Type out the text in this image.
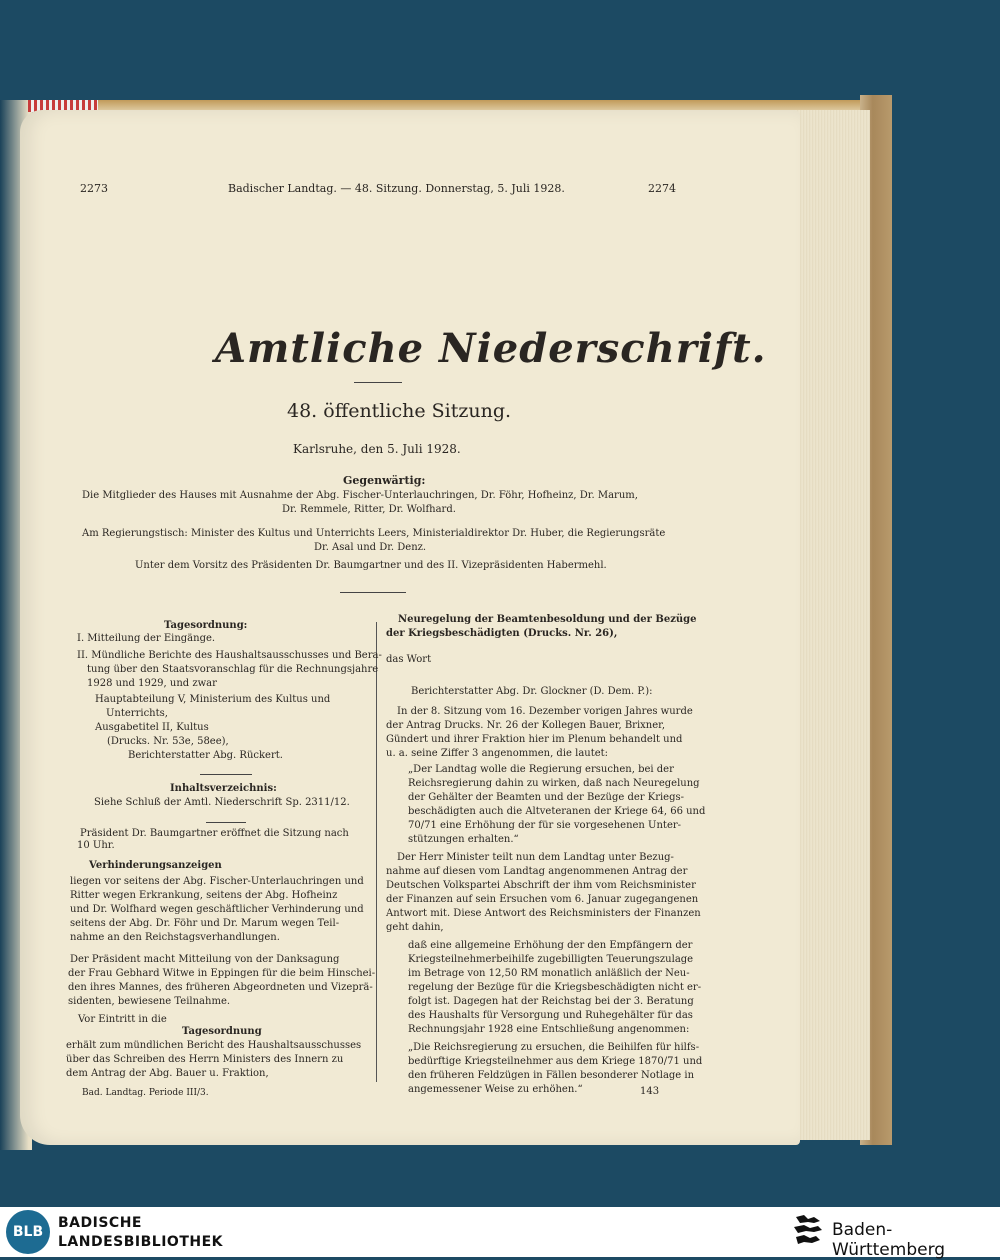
2273	Badischer Landtag. — 48. Sitzung. Donnerstag, 5. Juli 1928.	2274
Amtliche Niederschrift.
48. öffentliche Sitzung.
Karlsruhe, den 5. Juli 1928.
Gegenwärtig:
Die Mitglieder des Hauses mit Ausnahme der Abg. Fischer-Unterlauchringen, Dr. Föhr, Hofheinz, Dr. Marum,
Dr. Remmele, Ritter, Dr. Wolfhard.
Am Regierungstisch: Minister des Kultus und Unterrichts Leers, Ministerialdirektor Dr. Huber, die Regierungsräte
Dr. Asal und Dr. Denz.
Unter dem Vorsitz des Präsidenten Dr. Baumgartner und des II. Vizepräsidenten Habermehl.
Tagesordnung:
I. Mitteilung der Eingänge.
II. Mündliche Berichte des Haushaltsausschusses und Bera-
tung über den Staatsvoranschlag für die Rechnungsjahre
1928 und 1929, und zwar
Hauptabteilung V, Ministerium des Kultus und
Unterrichts,
Ausgabetitel II, Kultus
(Drucks. Nr. 53e, 58ee),
Berichterstatter Abg. Rückert.
Inhaltsverzeichnis:
Siehe Schluß der Amtl. Niederschrift Sp. 2311/12.
Präsident Dr. Baumgartner eröffnet die Sitzung nach
10 Uhr.
Verhinderungsanzeigen
liegen vor seitens der Abg. Fischer-Unterlauchringen und
Ritter wegen Erkrankung, seitens der Abg. Hofheinz
und Dr. Wolfhard wegen geschäftlicher Verhinderung und
seitens der Abg. Dr. Föhr und Dr. Marum wegen Teil-
nahme an den Reichstagsverhandlungen.
Der Präsident macht Mitteilung von der Danksagung
der Frau Gebhard Witwe in Eppingen für die beim Hinschei-
den ihres Mannes, des früheren Abgeordneten und Vizeprä-
sidenten, bewiesene Teilnahme.
Vor Eintritt in die
Tagesordnung
erhält zum mündlichen Bericht des Haushaltsausschusses
über das Schreiben des Herrn Ministers des Innern zu
dem Antrag der Abg. Bauer u. Fraktion,
Neuregelung der Beamtenbesoldung und der Bezüge
der Kriegsbeschädigten (Drucks. Nr. 26),
das Wort
Berichterstatter Abg. Dr. Glockner (D. Dem. P.):
In der 8. Sitzung vom 16. Dezember vorigen Jahres wurde
der Antrag Drucks. Nr. 26 der Kollegen Bauer, Brixner,
Gündert und ihrer Fraktion hier im Plenum behandelt und
u. a. seine Ziffer 3 angenommen, die lautet:
„Der Landtag wolle die Regierung ersuchen, bei der
Reichsregierung dahin zu wirken, daß nach Neuregelung
der Gehälter der Beamten und der Bezüge der Kriegs-
beschädigten auch die Altveteranen der Kriege 64, 66 und
70/71 eine Erhöhung der für sie vorgesehenen Unter-
stützungen erhalten.“
Der Herr Minister teilt nun dem Landtag unter Bezug-
nahme auf diesen vom Landtag angenommenen Antrag der
Deutschen Volkspartei Abschrift der ihm vom Reichsminister
der Finanzen auf sein Ersuchen vom 6. Januar zugegangenen
Antwort mit. Diese Antwort des Reichsministers der Finanzen
geht dahin,
daß eine allgemeine Erhöhung der den Empfängern der
Kriegsteilnehmerbeihilfe zugebilligten Teuerungszulage
im Betrage von 12,50 RM monatlich anläßlich der Neu-
regelung der Bezüge für die Kriegsbeschädigten nicht er-
folgt ist. Dagegen hat der Reichstag bei der 3. Beratung
des Haushalts für Versorgung und Ruhegehälter für das
Rechnungsjahr 1928 eine Entschließung angenommen:
„Die Reichsregierung zu ersuchen, die Beihilfen für hilfs-
bedürftige Kriegsteilnehmer aus dem Kriege 1870/71 und
den früheren Feldzügen in Fällen besonderer Notlage in
angemessener Weise zu erhöhen.“
Bad. Landtag. Periode III/3.	143
BLB
BADISCHE
LANDESBIBLIOTHEK
Baden-Württemberg
